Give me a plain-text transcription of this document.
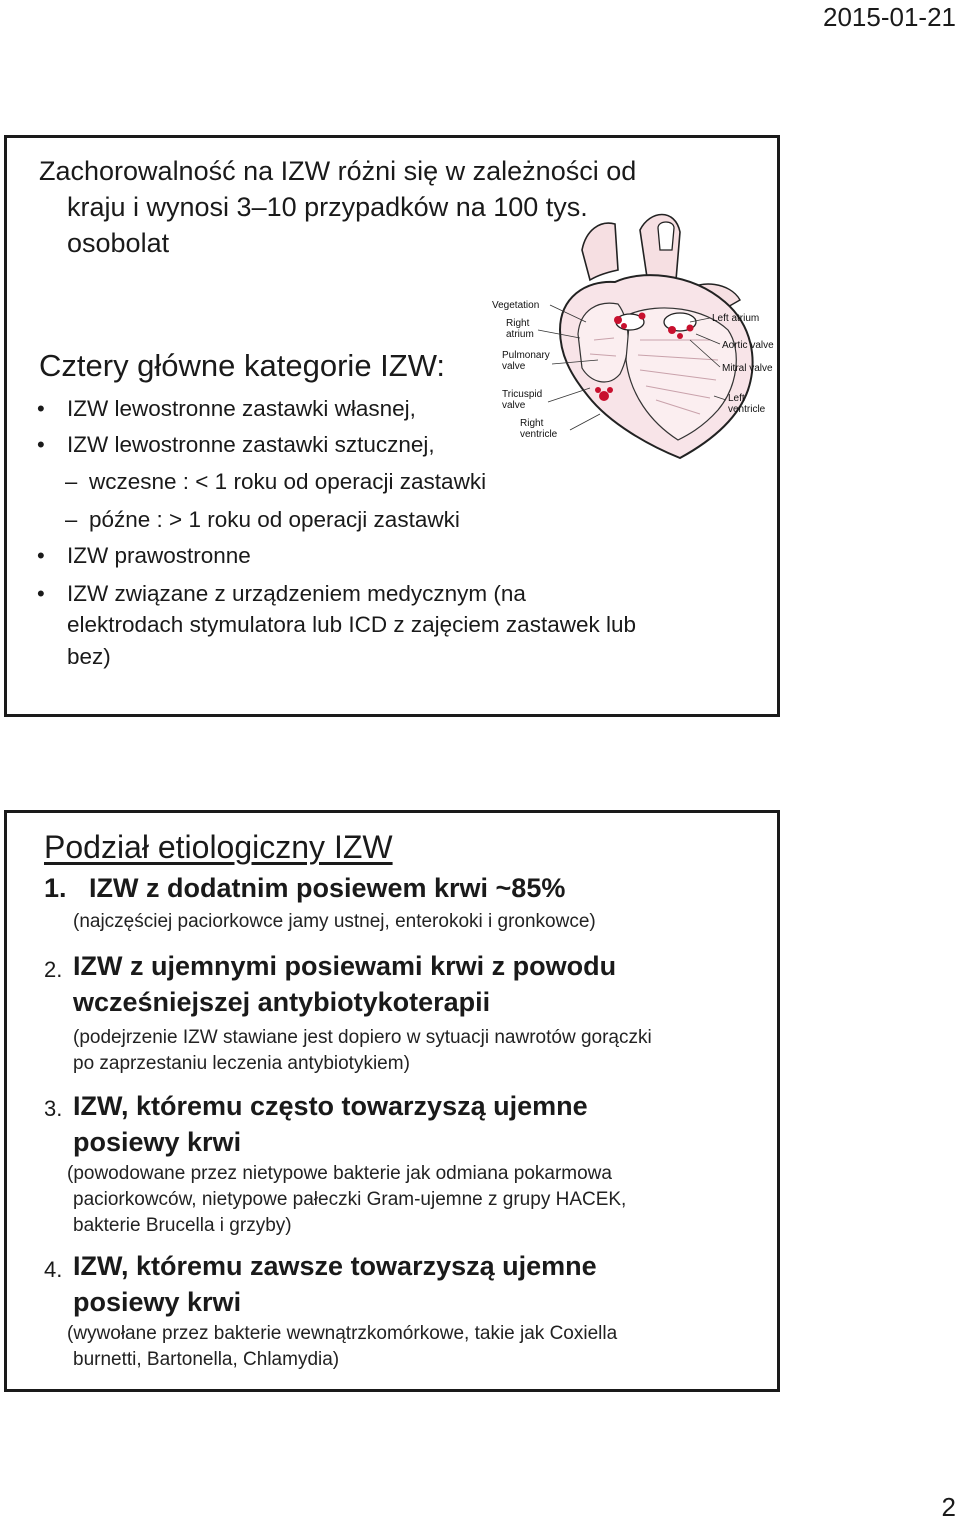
2015-01-21
Zachorowalność na IZW różni się w zależności od
kraju i wynosi 3–10 przypadków na 100 tys.
osobolat
Cztery główne kategorie IZW:
• IZW lewostronne zastawki własnej,
• IZW lewostronne zastawki sztucznej,
– wczesne : < 1 roku od operacji zastawki
– późne : > 1 roku od operacji zastawki
• IZW prawostronne
• IZW związane z urządzeniem medycznym (na
elektrodach stymulatora lub ICD z zajęciem zastawek lub
bez)
Vegetation
Right
atrium
Pulmonary
valve
Tricuspid
valve
Right
ventricle
Left atrium
Aortic valve
Mitral valve
Left
ventricle
Podział etiologiczny IZW
1. IZW z dodatnim posiewem krwi ~85%
(najczęściej paciorkowce jamy ustnej, enterokoki i gronkowce)
2. IZW z ujemnymi posiewami krwi z powodu
wcześniejszej antybiotykoterapii
(podejrzenie IZW stawiane jest dopiero w sytuacji nawrotów gorączki
po zaprzestaniu leczenia antybiotykiem)
3. IZW, któremu często towarzyszą ujemne
posiewy krwi
(powodowane przez nietypowe bakterie jak odmiana pokarmowa
paciorkowców, nietypowe pałeczki Gram-ujemne z grupy HACEK,
bakterie Brucella i grzyby)
4. IZW, któremu zawsze towarzyszą ujemne
posiewy krwi
(wywołane przez bakterie wewnątrzkomórkowe, takie jak Coxiella
burnetti, Bartonella, Chlamydia)
2
